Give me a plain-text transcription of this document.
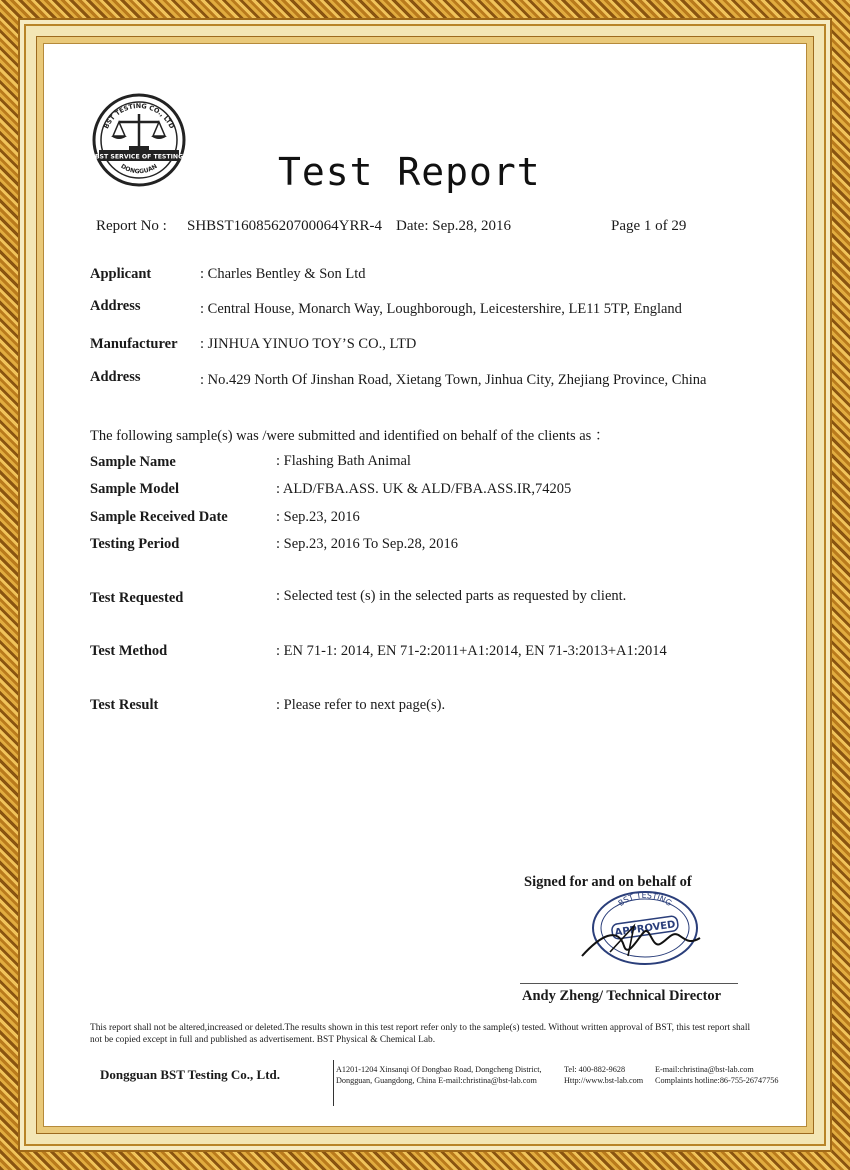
BST TESTING CO., LTD
BST SERVICE OF TESTING
DONGGUAN	Test Report
Report No : SHBST16085620700064YRR-4 Date: Sep.28, 2016	Page 1 of 29
Applicant	: Charles Bentley & Son Ltd
Address	: Central House, Monarch Way, Loughborough, Leicestershire, LE11 5TP, England
Manufacturer : JINHUA YINUO TOY’S CO., LTD
Address	: No.429 North Of Jinshan Road, Xietang Town, Jinhua City, Zhejiang Province, China
The following sample(s) was /were submitted and identified on behalf of the clients as ：
Sample Name	: Flashing Bath Animal
Sample Model	: ALD/FBA.ASS. UK & ALD/FBA.ASS.IR,74205
Sample Received Date	: Sep.23, 2016
Testing Period	: Sep.23, 2016 To Sep.28, 2016
Test Requested	: Selected test (s) in the selected parts as requested by client.
Test Method	: EN 71-1: 2014, EN 71-2:2011+A1:2014, EN 71-3:2013+A1:2014
Test Result	: Please refer to next page(s).
Signed for and on behalf of
BST TESTING
APPROVED
Andy Zheng/ Technical Director
This report shall not be altered,increased or deleted.The results shown in this test report refer only to the sample(s) tested. Without written approval of BST, this test report shall not be copied except in full and published as advertisement. BST Physical & Chemical Lab.
Dongguan BST Testing Co., Ltd.	A1201-1204 Xinsanqi Of Dongbao Road, Dongcheng District,
Dongguan, Guangdong, China E-mail:christina@bst-lab.com
Tel: 400-882-9628
Http://www.bst-lab.com
E-mail:christina@bst-lab.com
Complaints hotline:86-755-26747756
